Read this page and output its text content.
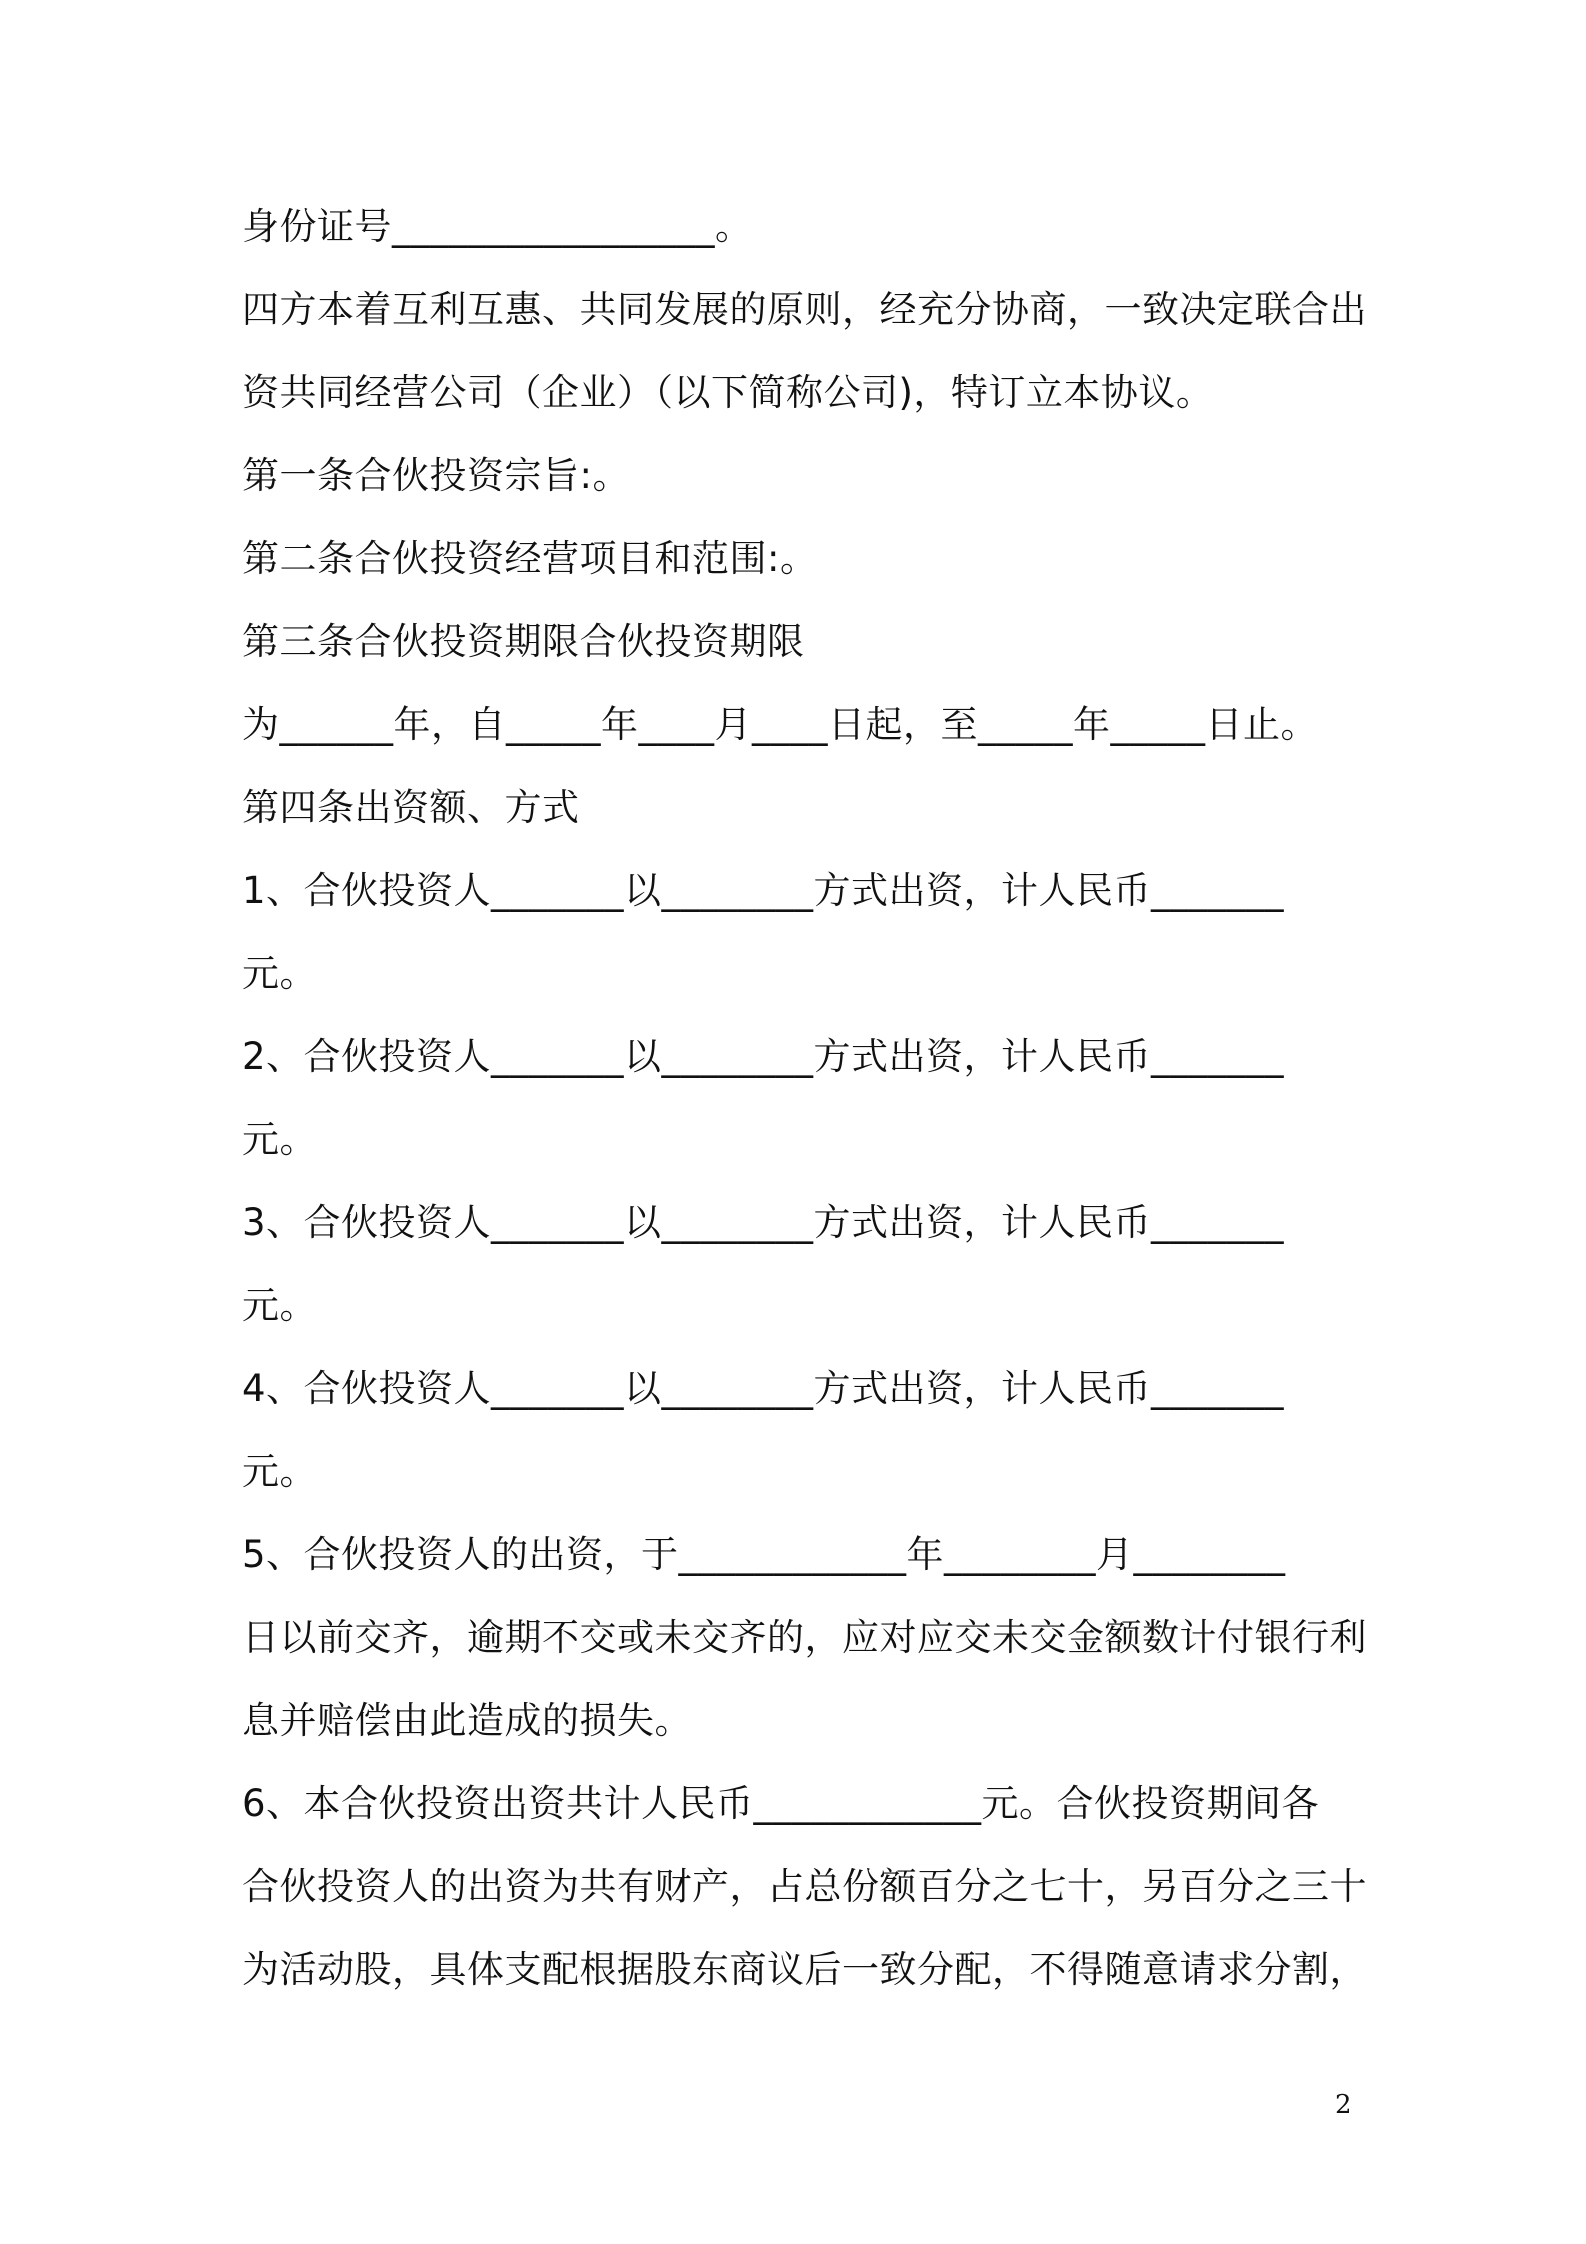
身份证号_________________。
四方本着互利互惠、共同发展的原则，经充分协商，一致决定联合出
资共同经营公司（企业）（以下简称公司)，特订立本协议。
第一条合伙投资宗旨:。
第二条合伙投资经营项目和范围:。
第三条合伙投资期限合伙投资期限
为______年，自_____年____月____日起，至_____年_____日止。
第四条出资额、方式
1、合伙投资人_______以________方式出资，计人民币_______
元。
2、合伙投资人_______以________方式出资，计人民币_______
元。
3、合伙投资人_______以________方式出资，计人民币_______
元。
4、合伙投资人_______以________方式出资，计人民币_______
元。
5、合伙投资人的出资，于____________年________月________
日以前交齐，逾期不交或未交齐的，应对应交未交金额数计付银行利
息并赔偿由此造成的损失。
6、本合伙投资出资共计人民币____________元。合伙投资期间各
合伙投资人的出资为共有财产，占总份额百分之七十，另百分之三十
为活动股，具体支配根据股东商议后一致分配，不得随意请求分割，
2
